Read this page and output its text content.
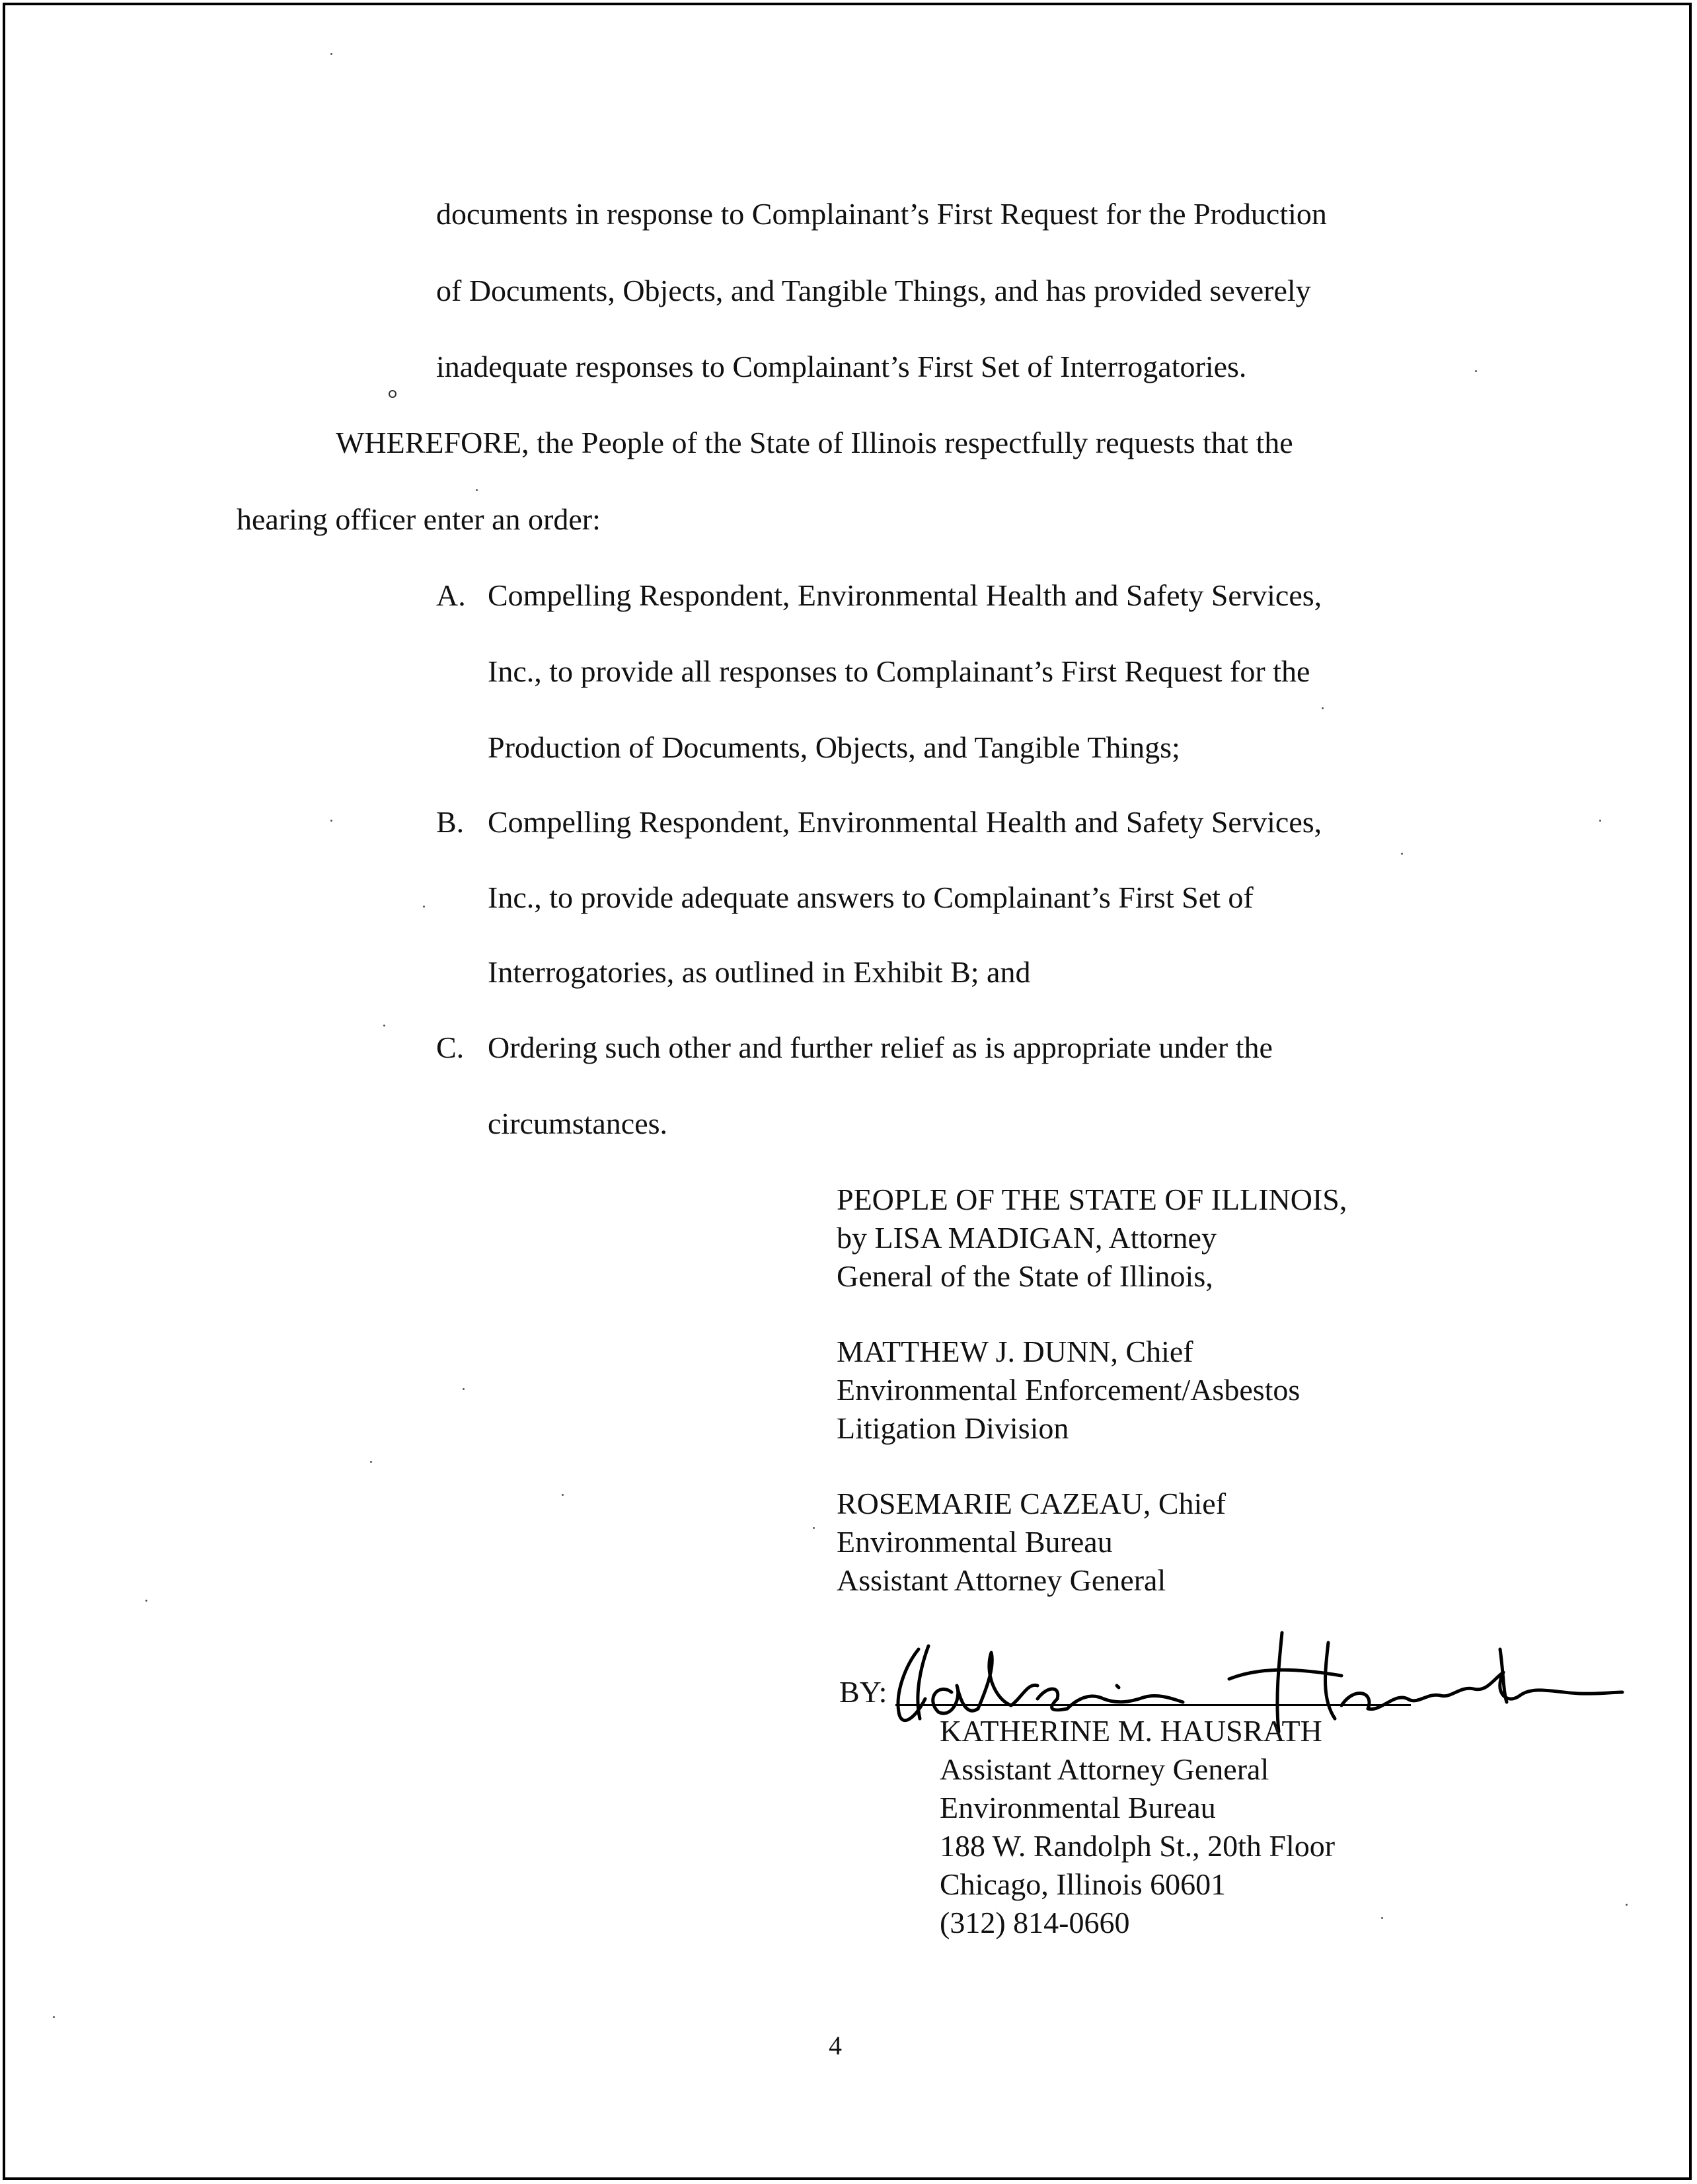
documents in response to Complainant’s First Request for the Production
of Documents, Objects, and Tangible Things, and has provided severely
inadequate responses to Complainant’s First Set of Interrogatories.
WHEREFORE, the People of the State of Illinois respectfully requests that the
hearing officer enter an order:
A. Compelling Respondent, Environmental Health and Safety Services,
Inc., to provide all responses to Complainant’s First Request for the
Production of Documents, Objects, and Tangible Things;
B. Compelling Respondent, Environmental Health and Safety Services,
Inc., to provide adequate answers to Complainant’s First Set of
Interrogatories, as outlined in Exhibit B; and
C. Ordering such other and further relief as is appropriate under the
circumstances.
PEOPLE OF THE STATE OF ILLINOIS,
by LISA MADIGAN, Attorney
General of the State of Illinois,
MATTHEW J. DUNN, Chief
Environmental Enforcement/Asbestos
Litigation Division
ROSEMARIE CAZEAU, Chief
Environmental Bureau
Assistant Attorney General
BY:
KATHERINE M. HAUSRATH
Assistant Attorney General
Environmental Bureau
188 W. Randolph St., 20th Floor
Chicago, Illinois 60601
(312) 814-0660
4
